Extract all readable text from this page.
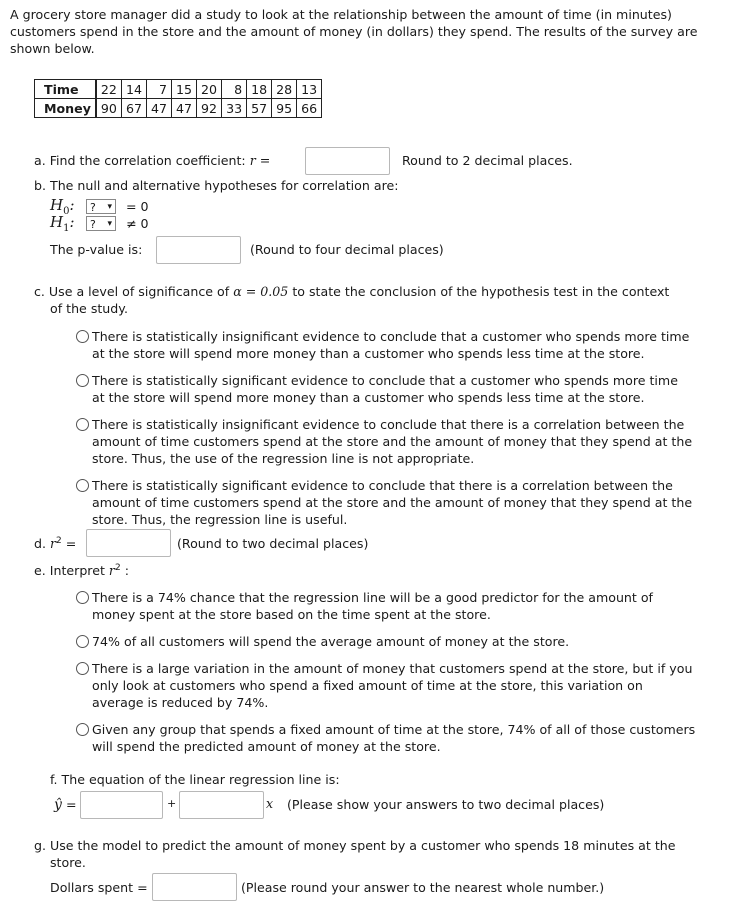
A grocery store manager did a study to look at the relationship between the amount of time (in minutes) customers spend in the store and the amount of money (in dollars) they spend. The results of the survey are shown below.
Time	22	14	7	15	20	8	18	28	13
Money	90	67	47	47	92	33	57	95	66
a. Find the correlation coefficient: r =	Round to 2 decimal places.
b. The null and alternative hypotheses for correlation are:
$H_0$:	? ▾ = 0
$H_1$:	? ▾ ≠ 0
The p-value is:	(Round to four decimal places)
c. Use a level of significance of α = 0.05 to state the conclusion of the hypothesis test in the context
of the study.
There is statistically insignificant evidence to conclude that a customer who spends more time
at the store will spend more money than a customer who spends less time at the store.
There is statistically significant evidence to conclude that a customer who spends more time
at the store will spend more money than a customer who spends less time at the store.
There is statistically insignificant evidence to conclude that there is a correlation between the
amount of time customers spend at the store and the amount of money that they spend at the
store. Thus, the use of the regression line is not appropriate.
There is statistically significant evidence to conclude that there is a correlation between the
amount of time customers spend at the store and the amount of money that they spend at the
store. Thus, the regression line is useful.
d. $r^2$ =	(Round to two decimal places)
e. Interpret $r^2$ :
There is a 74% chance that the regression line will be a good predictor for the amount of
money spent at the store based on the time spent at the store.
74% of all customers will spend the average amount of money at the store.
There is a large variation in the amount of money that customers spend at the store, but if you
only look at customers who spend a fixed amount of time at the store, this variation on
average is reduced by 74%.
Given any group that spends a fixed amount of time at the store, 74% of all of those customers
will spend the predicted amount of money at the store.
f. The equation of the linear regression line is:
ŷ =	+	x (Please show your answers to two decimal places)
g. Use the model to predict the amount of money spent by a customer who spends 18 minutes at the
store.
Dollars spent =	(Please round your answer to the nearest whole number.)
